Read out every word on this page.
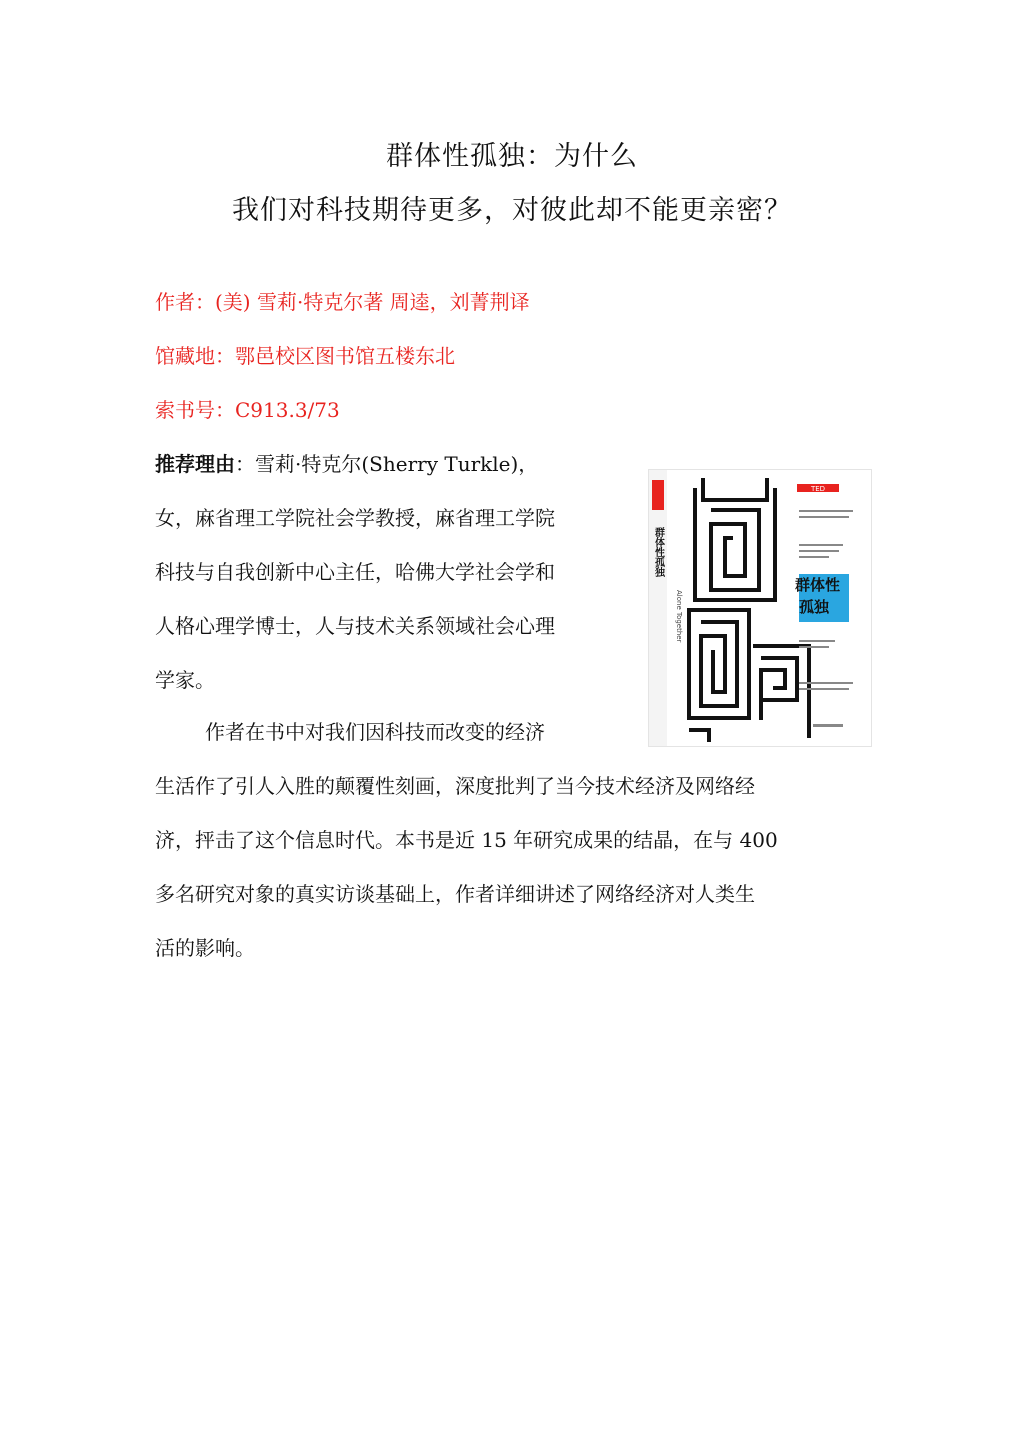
群体性孤独：为什么
我们对科技期待更多，对彼此却不能更亲密？
作者：(美) 雪莉·特克尔著 周逵，刘菁荆译
馆藏地：鄂邑校区图书馆五楼东北
索书号：C913.3/73
推荐理由：雪莉·特克尔(Sherry Turkle)，
女，麻省理工学院社会学教授，麻省理工学院
科技与自我创新中心主任，哈佛大学社会学和
人格心理学博士，人与技术关系领域社会心理
学家。
作者在书中对我们因科技而改变的经济
生活作了引人入胜的颠覆性刻画，深度批判了当今技术经济及网络经
济，抨击了这个信息时代。本书是近 15 年研究成果的结晶，在与 400
多名研究对象的真实访谈基础上，作者详细讲述了网络经济对人类生
活的影响。
群体性孤独
Alone Together
群体性
孤独
TED
